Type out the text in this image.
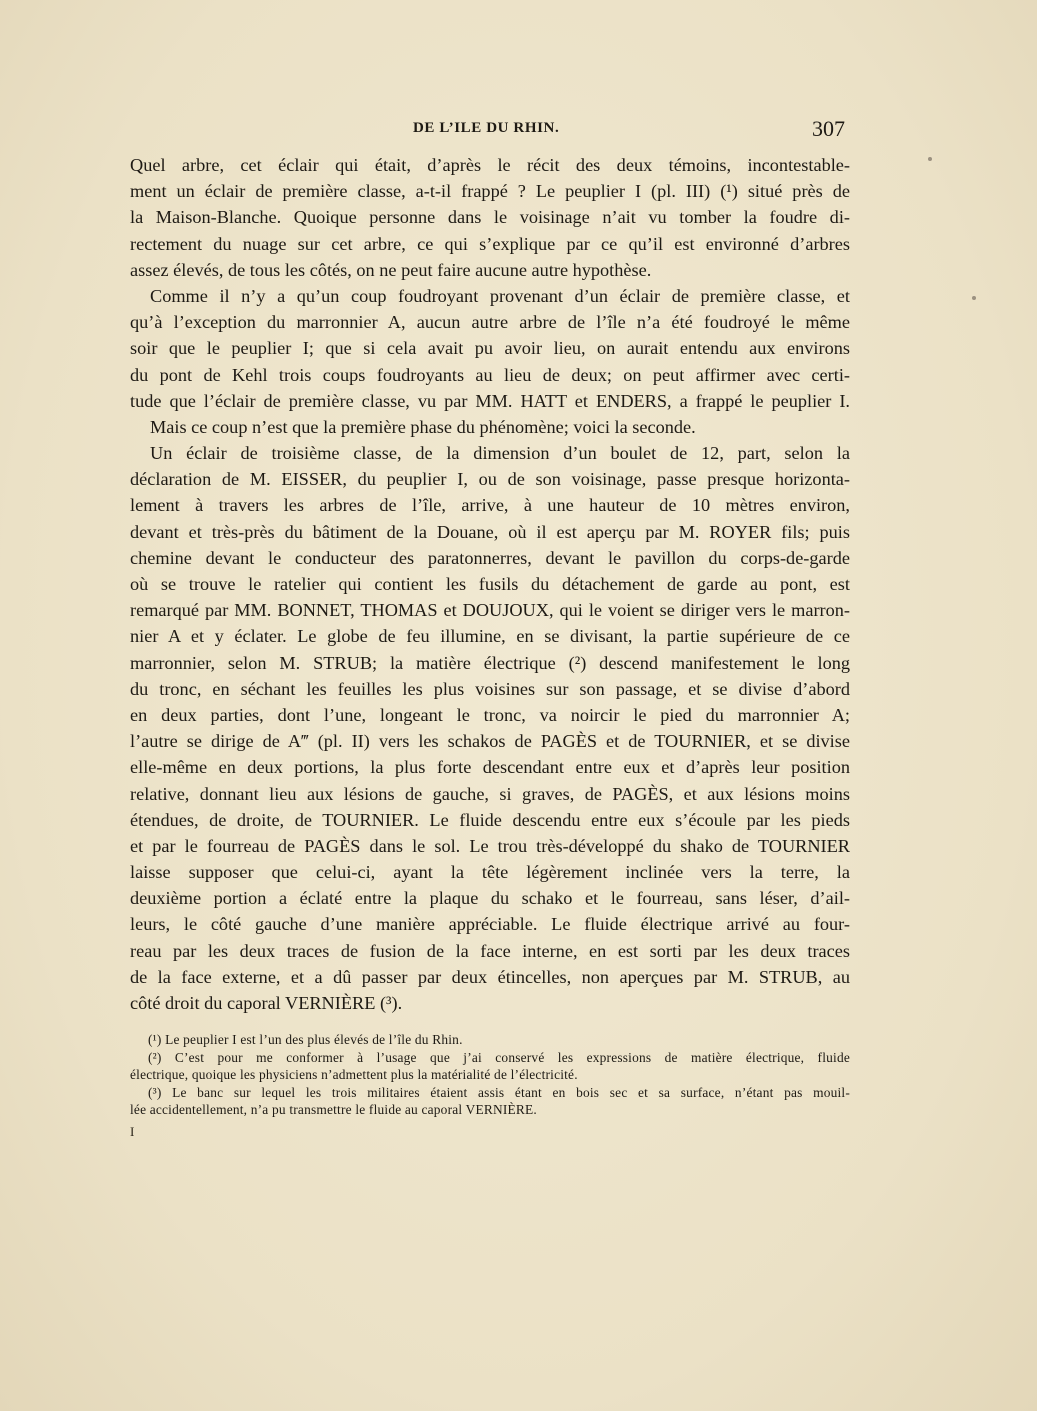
DE L’ILE DU RHIN.	307
Quel arbre, cet éclair qui était, d’après le récit des deux témoins, incontestable-
ment un éclair de première classe, a-t-il frappé ? Le peuplier I (pl. III) (¹) situé près de
la Maison-Blanche. Quoique personne dans le voisinage n’ait vu tomber la foudre di-
rectement du nuage sur cet arbre, ce qui s’explique par ce qu’il est environné d’arbres
assez élevés, de tous les côtés, on ne peut faire aucune autre hypothèse.
Comme il n’y a qu’un coup foudroyant provenant d’un éclair de première classe, et
qu’à l’exception du marronnier A, aucun autre arbre de l’île n’a été foudroyé le même
soir que le peuplier I; que si cela avait pu avoir lieu, on aurait entendu aux environs
du pont de Kehl trois coups foudroyants au lieu de deux; on peut affirmer avec certi-
tude que l’éclair de première classe, vu par MM. HATT et ENDERS, a frappé le peuplier I.
Mais ce coup n’est que la première phase du phénomène; voici la seconde.
Un éclair de troisième classe, de la dimension d’un boulet de 12, part, selon la
déclaration de M. EISSER, du peuplier I, ou de son voisinage, passe presque horizonta-
lement à travers les arbres de l’île, arrive, à une hauteur de 10 mètres environ,
devant et très-près du bâtiment de la Douane, où il est aperçu par M. ROYER fils; puis
chemine devant le conducteur des paratonnerres, devant le pavillon du corps-de-garde
où se trouve le ratelier qui contient les fusils du détachement de garde au pont, est
remarqué par MM. BONNET, THOMAS et DOUJOUX, qui le voient se diriger vers le marron-
nier A et y éclater. Le globe de feu illumine, en se divisant, la partie supérieure de ce
marronnier, selon M. STRUB; la matière électrique (²) descend manifestement le long
du tronc, en séchant les feuilles les plus voisines sur son passage, et se divise d’abord
en deux parties, dont l’une, longeant le tronc, va noircir le pied du marronnier A;
l’autre se dirige de A‴ (pl. II) vers les schakos de PAGÈS et de TOURNIER, et se divise
elle-même en deux portions, la plus forte descendant entre eux et d’après leur position
relative, donnant lieu aux lésions de gauche, si graves, de PAGÈS, et aux lésions moins
étendues, de droite, de TOURNIER. Le fluide descendu entre eux s’écoule par les pieds
et par le fourreau de PAGÈS dans le sol. Le trou très-développé du shako de TOURNIER
laisse supposer que celui-ci, ayant la tête légèrement inclinée vers la terre, la
deuxième portion a éclaté entre la plaque du schako et le fourreau, sans léser, d’ail-
leurs, le côté gauche d’une manière appréciable. Le fluide électrique arrivé au four-
reau par les deux traces de fusion de la face interne, en est sorti par les deux traces
de la face externe, et a dû passer par deux étincelles, non aperçues par M. STRUB, au
côté droit du caporal VERNIÈRE (³).
(¹) Le peuplier I est l’un des plus élevés de l’île du Rhin.
(²) C’est pour me conformer à l’usage que j’ai conservé les expressions de matière électrique, fluide
électrique, quoique les physiciens n’admettent plus la matérialité de l’électricité.
(³) Le banc sur lequel les trois militaires étaient assis étant en bois sec et sa surface, n’étant pas mouil-
lée accidentellement, n’a pu transmettre le fluide au caporal VERNIÈRE.
I
